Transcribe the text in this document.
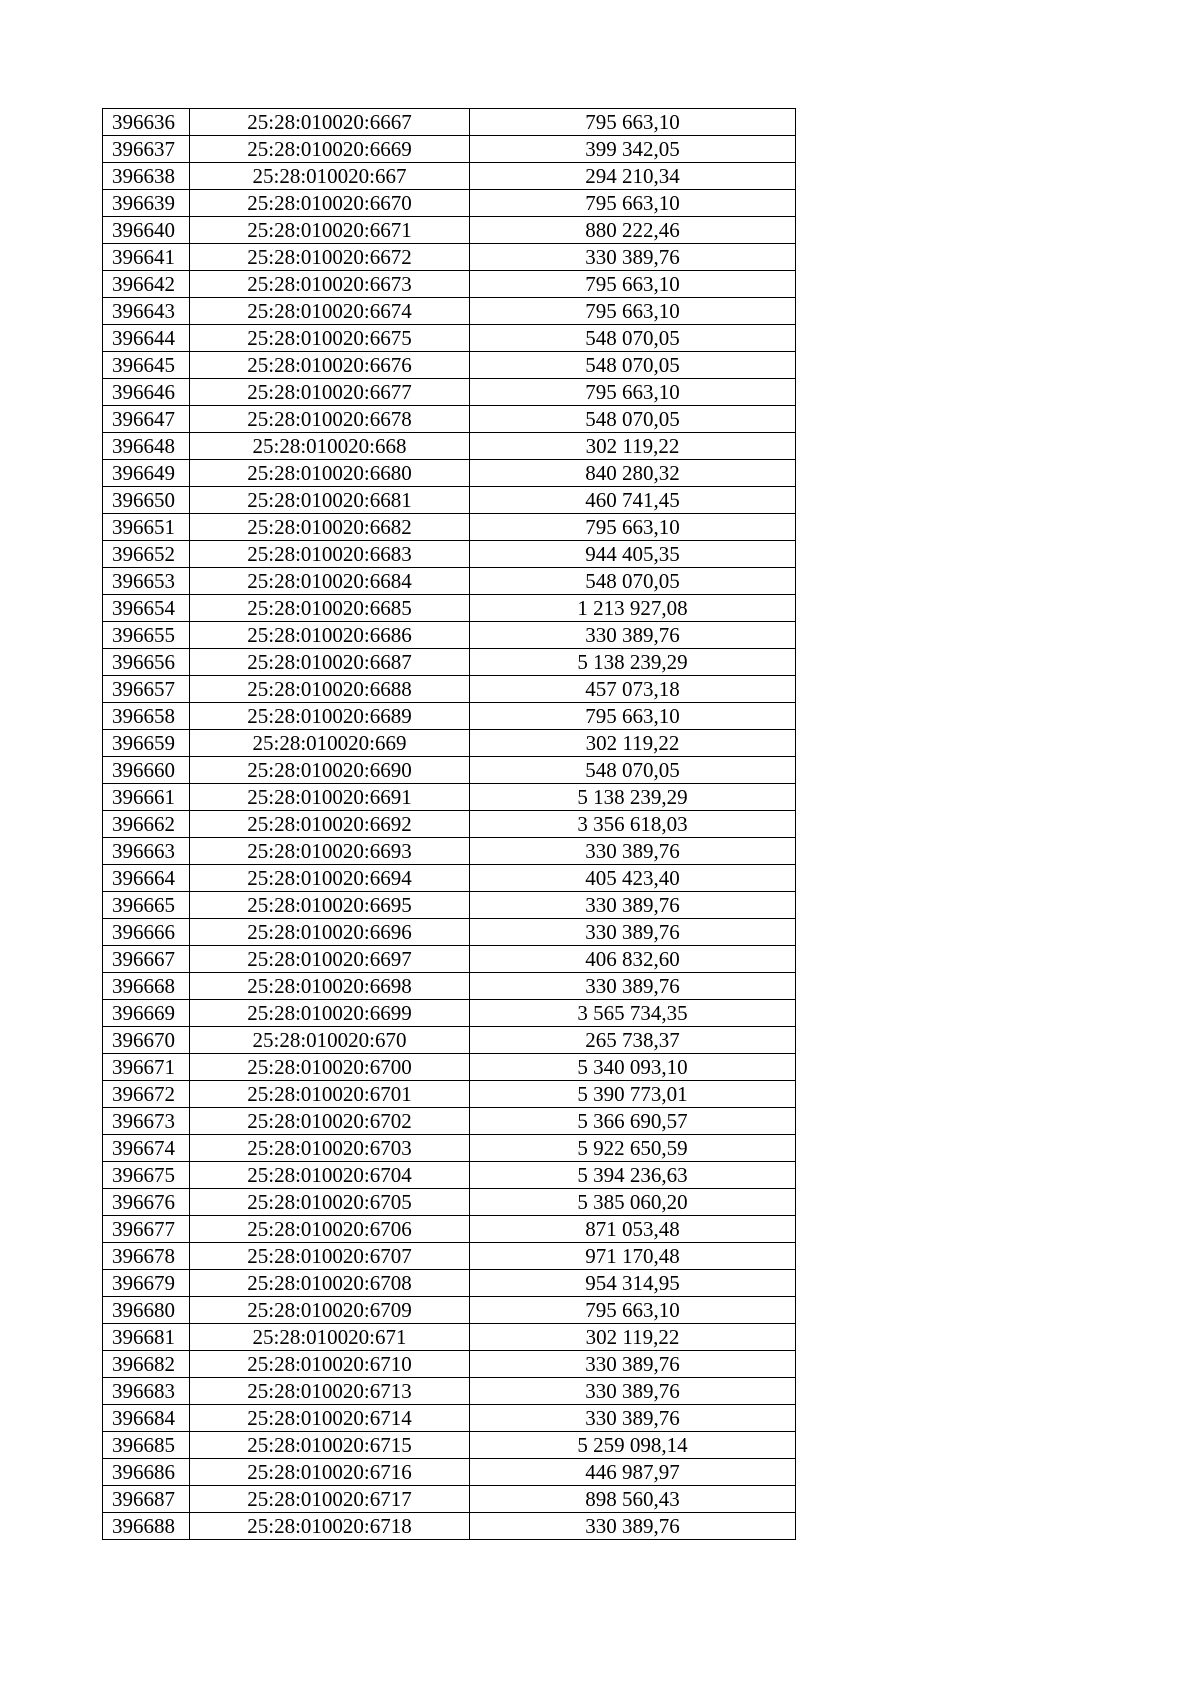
396636	25:28:010020:6667	795 663,10
396637	25:28:010020:6669	399 342,05
396638	25:28:010020:667	294 210,34
396639	25:28:010020:6670	795 663,10
396640	25:28:010020:6671	880 222,46
396641	25:28:010020:6672	330 389,76
396642	25:28:010020:6673	795 663,10
396643	25:28:010020:6674	795 663,10
396644	25:28:010020:6675	548 070,05
396645	25:28:010020:6676	548 070,05
396646	25:28:010020:6677	795 663,10
396647	25:28:010020:6678	548 070,05
396648	25:28:010020:668	302 119,22
396649	25:28:010020:6680	840 280,32
396650	25:28:010020:6681	460 741,45
396651	25:28:010020:6682	795 663,10
396652	25:28:010020:6683	944 405,35
396653	25:28:010020:6684	548 070,05
396654	25:28:010020:6685	1 213 927,08
396655	25:28:010020:6686	330 389,76
396656	25:28:010020:6687	5 138 239,29
396657	25:28:010020:6688	457 073,18
396658	25:28:010020:6689	795 663,10
396659	25:28:010020:669	302 119,22
396660	25:28:010020:6690	548 070,05
396661	25:28:010020:6691	5 138 239,29
396662	25:28:010020:6692	3 356 618,03
396663	25:28:010020:6693	330 389,76
396664	25:28:010020:6694	405 423,40
396665	25:28:010020:6695	330 389,76
396666	25:28:010020:6696	330 389,76
396667	25:28:010020:6697	406 832,60
396668	25:28:010020:6698	330 389,76
396669	25:28:010020:6699	3 565 734,35
396670	25:28:010020:670	265 738,37
396671	25:28:010020:6700	5 340 093,10
396672	25:28:010020:6701	5 390 773,01
396673	25:28:010020:6702	5 366 690,57
396674	25:28:010020:6703	5 922 650,59
396675	25:28:010020:6704	5 394 236,63
396676	25:28:010020:6705	5 385 060,20
396677	25:28:010020:6706	871 053,48
396678	25:28:010020:6707	971 170,48
396679	25:28:010020:6708	954 314,95
396680	25:28:010020:6709	795 663,10
396681	25:28:010020:671	302 119,22
396682	25:28:010020:6710	330 389,76
396683	25:28:010020:6713	330 389,76
396684	25:28:010020:6714	330 389,76
396685	25:28:010020:6715	5 259 098,14
396686	25:28:010020:6716	446 987,97
396687	25:28:010020:6717	898 560,43
396688	25:28:010020:6718	330 389,76
